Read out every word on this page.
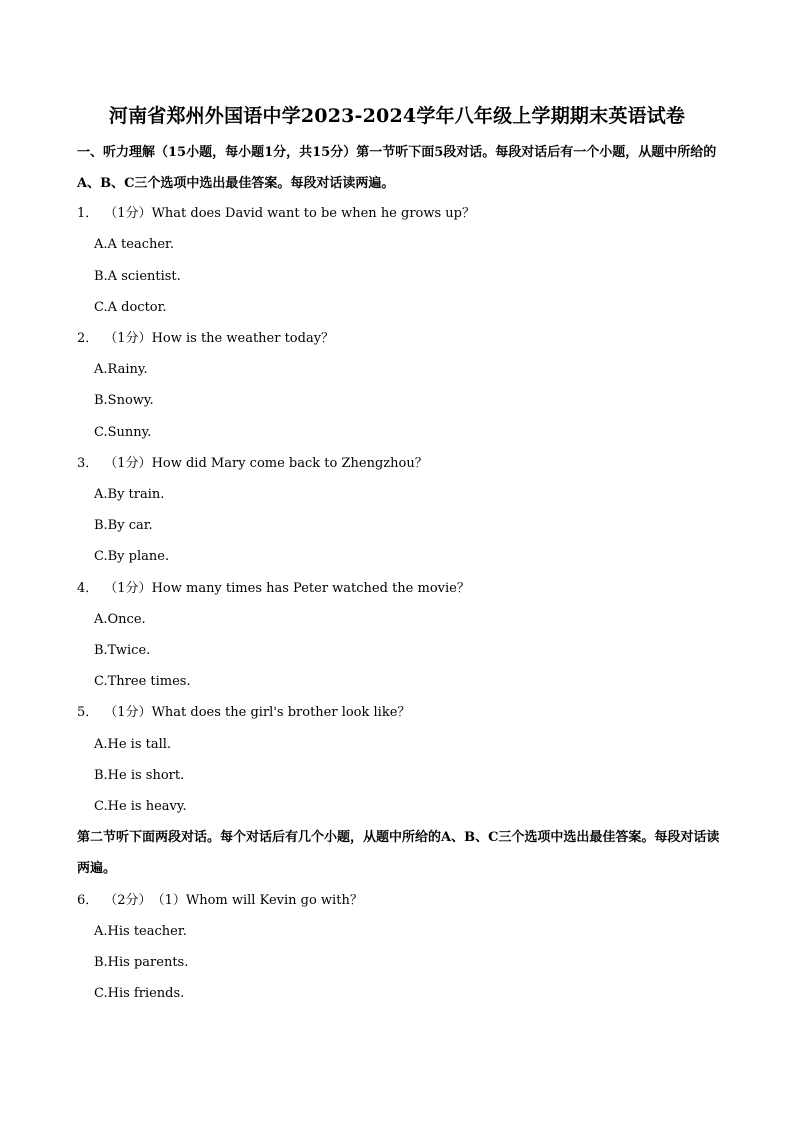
河南省郑州外国语中学2023-2024学年八年级上学期期末英语试卷
一、听力理解（15小题，每小题1分，共15分）第一节听下面5段对话。每段对话后有一个小题，从题中所给的A、B、C三个选项中选出最佳答案。每段对话读两遍。
1． （1分）What does David want to be when he grows up？
A.A teacher.
B.A scientist.
C.A doctor.
2． （1分）How is the weather today？
A.Rainy.
B.Snowy.
C.Sunny.
3． （1分）How did Mary come back to Zhengzhou？
A.By train.
B.By car.
C.By plane.
4． （1分）How many times has Peter watched the movie？
A.Once.
B.Twice.
C.Three times.
5． （1分）What does the girl's brother look like？
A.He is tall.
B.He is short.
C.He is heavy.
第二节听下面两段对话。每个对话后有几个小题，从题中所给的A、B、C三个选项中选出最佳答案。每段对话读两遍。
6． （2分）（1）Whom will Kevin go with？
A.His teacher.
B.His parents.
C.His friends.
